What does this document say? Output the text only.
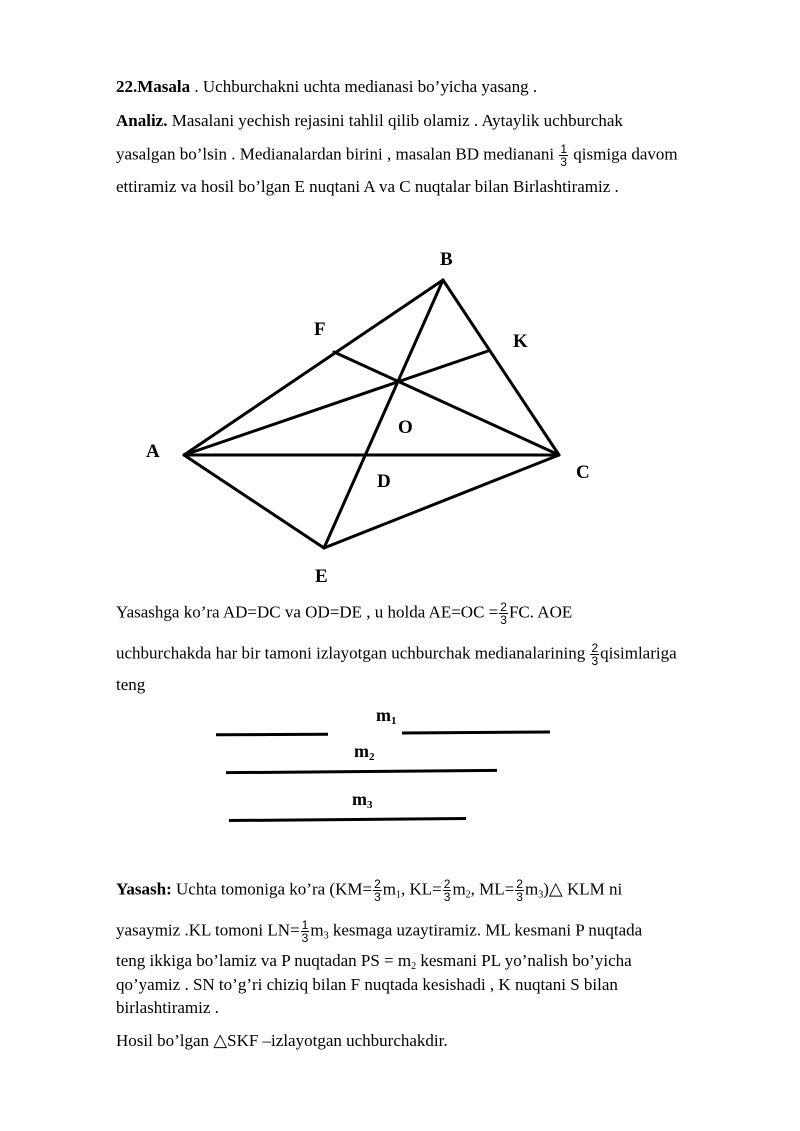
22.Masala . Uchburchakni uchta medianasi bo’yicha yasang .
Analiz. Masalani yechish rejasini tahlil qilib olamiz . Aytaylik uchburchak
yasalgan bo’lsin . Medianalardan birini , masalan BD medianani $\frac{1}{3}$ qismiga davom
ettiramiz va hosil bo’lgan E nuqtani A va C nuqtalar bilan Birlashtiramiz .
B
F
K
O
A
C
D
E
Yasashga ko’ra AD=DC va OD=DE , u holda $AE=OC = \frac{2}{3}$ FC. AOE
uchburchakda har bir tamoni izlayotgan uchburchak medianalarining $\frac{2}{3}$ qisimlariga
teng
$m_1$
$m_2$
$m_3$
Yasash: Uchta tomoniga ko’ra ($KM= \frac{2}{3} m_1$, $KL= \frac{2}{3} m_2$, $ML= \frac{2}{3}$ $m_3)\triangle$ KLM ni
yasaymiz .KL tomoni $LN= \frac{1}{3} m_3$ kesmaga uzaytiramiz. ML kesmani P nuqtada
teng ikkiga bo’lamiz va P nuqtadan PS = $m_2$ kesmani PL yo’nalish bo’yicha
qo’yamiz . SN to’g’ri chiziq bilan F nuqtada kesishadi , K nuqtani S bilan
birlashtiramiz .
Hosil bo’lgan △SKF –izlayotgan uchburchakdir.
